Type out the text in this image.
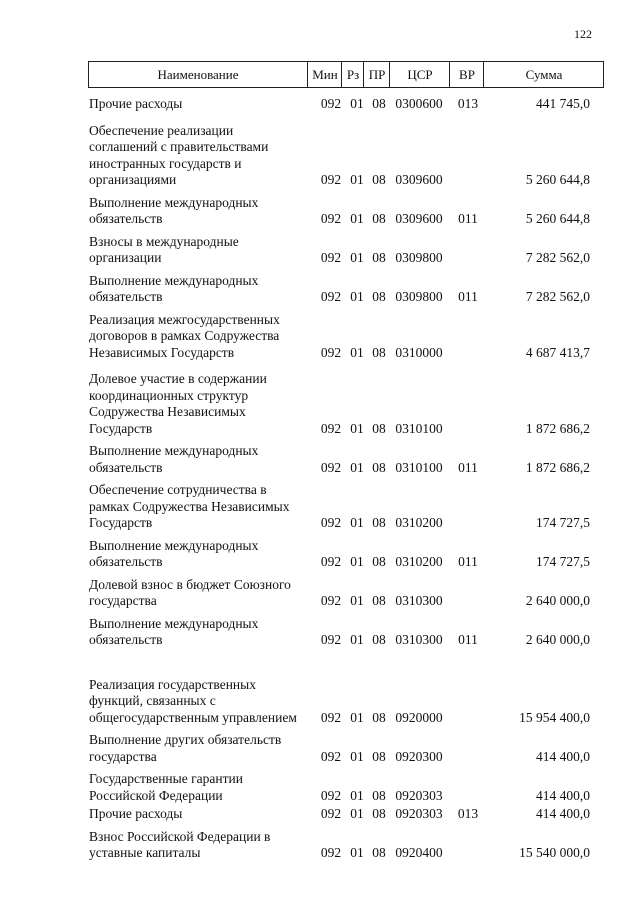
122
Наименование	Мин Рз ПР	ЦСР	ВР	Сумма
Прочие расходы	092 01 08 0300600	013	441 745,0
Обеспечение реализации
соглашений с правительствами
иностранных государств и
организациями	092 01 08 0309600	5 260 644,8
Выполнение международных
обязательств	092 01 08 0309600	011	5 260 644,8
Взносы в международные
организации	092 01 08 0309800	7 282 562,0
Выполнение международных
обязательств	092 01 08 0309800	011	7 282 562,0
Реализация межгосударственных
договоров в рамках Содружества
Независимых Государств	092 01 08 0310000	4 687 413,7
Долевое участие в содержании
координационных структур
Содружества Независимых
Государств	092 01 08 0310100	1 872 686,2
Выполнение международных
обязательств	092 01 08 0310100	011	1 872 686,2
Обеспечение сотрудничества в
рамках Содружества Независимых
Государств	092 01 08 0310200	174 727,5
Выполнение международных
обязательств	092 01 08 0310200	011	174 727,5
Долевой взнос в бюджет Союзного
государства	092 01 08 0310300	2 640 000,0
Выполнение международных
обязательств	092 01 08 0310300	011	2 640 000,0
Реализация государственных
функций, связанных с
общегосударственным управлением	092 01 08 0920000	15 954 400,0
Выполнение других обязательств
государства	092 01 08 0920300	414 400,0
Государственные гарантии
Российской Федерации	092 01 08 0920303	414 400,0
Прочие расходы	092 01 08 0920303	013	414 400,0
Взнос Российской Федерации в
уставные капиталы	092 01 08 0920400	15 540 000,0
